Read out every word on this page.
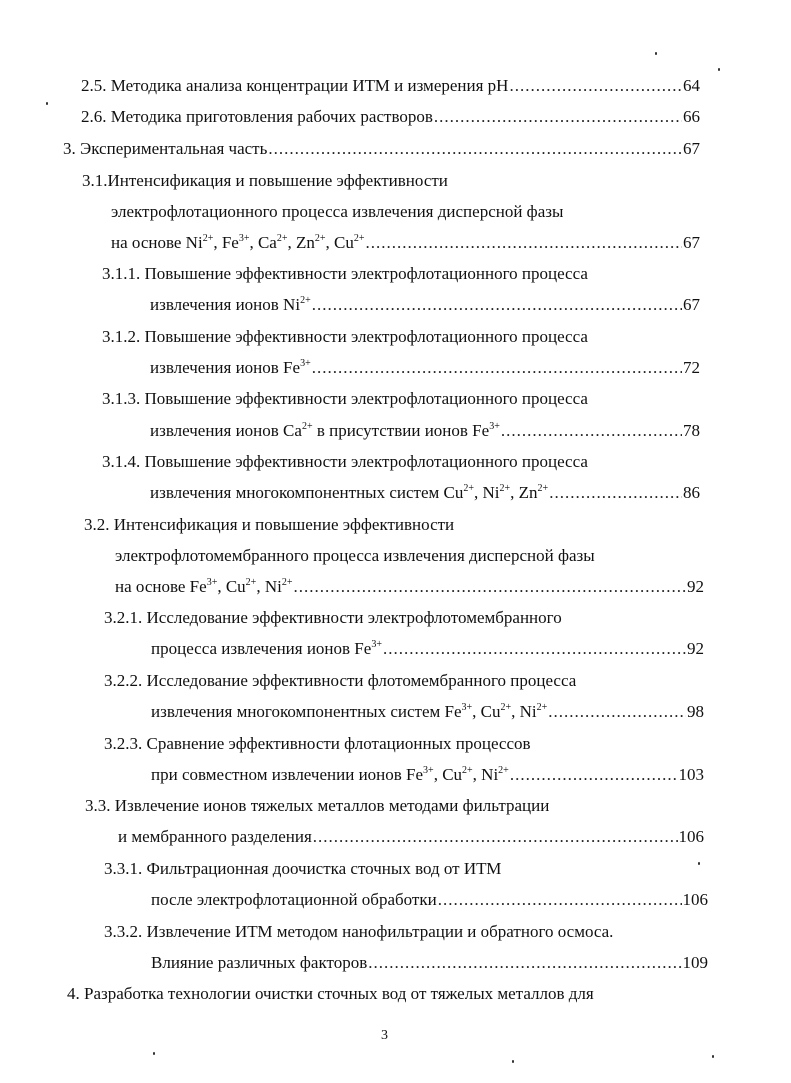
2.5. Методика анализа концентрации ИТМ и измерения pH .....	64
2.6. Методика приготовления рабочих растворов .....	66
3. Экспериментальная часть .....	67
3.1.Интенсификация и повышение эффективности
электрофлотационного процесса извлечения дисперсной фазы
на основе $Ni^{2+}$, $Fe^{3+}$, $Ca^{2+}$, $Zn^{2+}$, $Cu^{2+}$ .....	67
3.1.1. Повышение эффективности электрофлотационного процесса
извлечения ионов $Ni^{2+}$ .....	67
3.1.2. Повышение эффективности электрофлотационного процесса
извлечения ионов $Fe^{3+}$ .....	72
3.1.3. Повышение эффективности электрофлотационного процесса
извлечения ионов $Ca^{2+}$ в присутствии ионов $Fe^{3+}$ .....	78
3.1.4. Повышение эффективности электрофлотационного процесса
извлечения многокомпонентных систем $Cu^{2+}$, $Ni^{2+}$, $Zn^{2+}$ .....	86
3.2. Интенсификация и повышение эффективности
электрофлотомембранного процесса извлечения дисперсной фазы
на основе $Fe^{3+}$, $Cu^{2+}$, $Ni^{2+}$ .....	92
3.2.1. Исследование эффективности электрофлотомембранного
процесса извлечения ионов $Fe^{3+}$ .....	92
3.2.2. Исследование эффективности флотомембранного процесса
извлечения многокомпонентных систем $Fe^{3+}$, $Cu^{2+}$, $Ni^{2+}$ .....	98
3.2.3. Сравнение эффективности флотационных процессов
при совместном извлечении ионов $Fe^{3+}$, $Cu^{2+}$, $Ni^{2+}$ .....	103
3.3. Извлечение ионов тяжелых металлов методами фильтрации
и мембранного разделения .....	106
3.3.1. Фильтрационная доочистка сточных вод от ИТМ
после электрофлотационной обработки .....	106
3.3.2. Извлечение ИТМ методом нанофильтрации и обратного осмоса.
Влияние различных факторов .....	109
4. Разработка технологии очистки сточных вод от тяжелых металлов для
3
